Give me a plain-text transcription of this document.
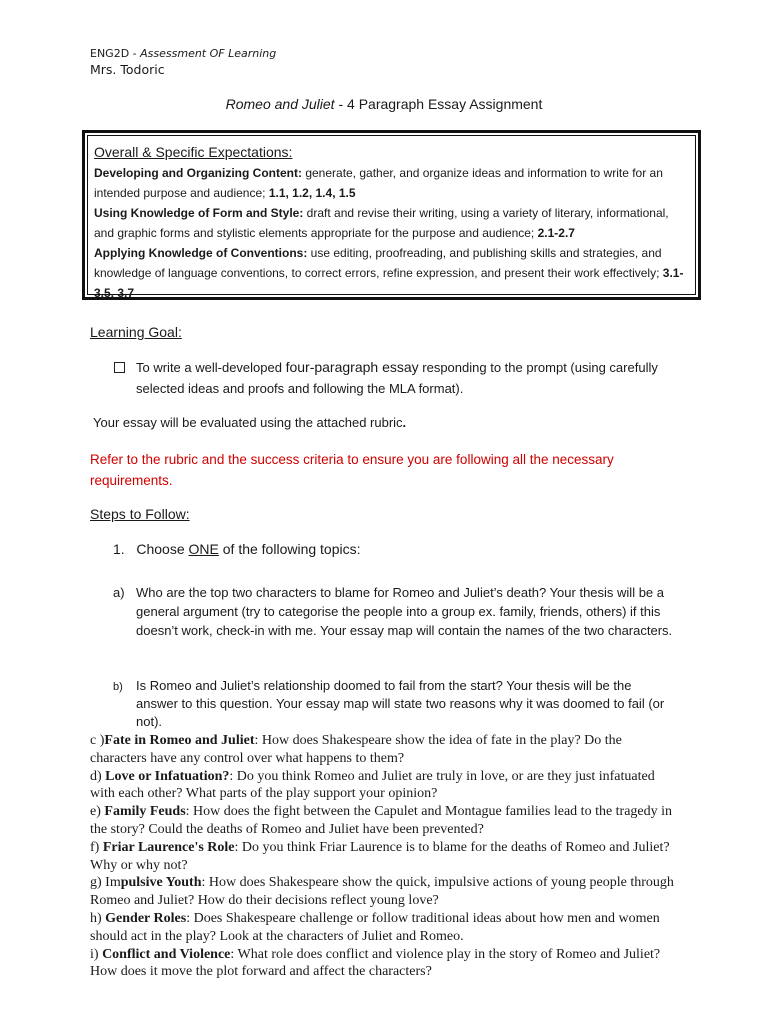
ENG2D - Assessment OF Learning
Mrs. Todoric
Romeo and Juliet - 4 Paragraph Essay Assignment
Overall & Specific Expectations:
Developing and Organizing Content: generate, gather, and organize ideas and information to write for an intended purpose and audience; 1.1, 1.2, 1.4, 1.5
Using Knowledge of Form and Style: draft and revise their writing, using a variety of literary, informational, and graphic forms and stylistic elements appropriate for the purpose and audience; 2.1-2.7
Applying Knowledge of Conventions: use editing, proofreading, and publishing skills and strategies, and knowledge of language conventions, to correct errors, refine expression, and present their work effectively; 3.1-3.5, 3.7
Learning Goal:
To write a well-developed four-paragraph essay responding to the prompt (using carefully selected ideas and proofs and following the MLA format).
Your essay will be evaluated using the attached rubric.
Refer to the rubric and the success criteria to ensure you are following all the necessary requirements.
Steps to Follow:
1. Choose ONE of the following topics:
a) Who are the top two characters to blame for Romeo and Juliet’s death? Your thesis will be a general argument (try to categorise the people into a group ex. family, friends, others) if this doesn’t work, check-in with me. Your essay map will contain the names of the two characters.
b) Is Romeo and Juliet’s relationship doomed to fail from the start? Your thesis will be the answer to this question. Your essay map will state two reasons why it was doomed to fail (or not).
c )Fate in Romeo and Juliet: How does Shakespeare show the idea of fate in the play? Do the characters have any control over what happens to them?
d) Love or Infatuation?: Do you think Romeo and Juliet are truly in love, or are they just infatuated with each other? What parts of the play support your opinion?
e) Family Feuds: How does the fight between the Capulet and Montague families lead to the tragedy in the story? Could the deaths of Romeo and Juliet have been prevented?
f) Friar Laurence's Role: Do you think Friar Laurence is to blame for the deaths of Romeo and Juliet? Why or why not?
g) Impulsive Youth: How does Shakespeare show the quick, impulsive actions of young people through Romeo and Juliet? How do their decisions reflect young love?
h) Gender Roles: Does Shakespeare challenge or follow traditional ideas about how men and women should act in the play? Look at the characters of Juliet and Romeo.
i) Conflict and Violence: What role does conflict and violence play in the story of Romeo and Juliet? How does it move the plot forward and affect the characters?
